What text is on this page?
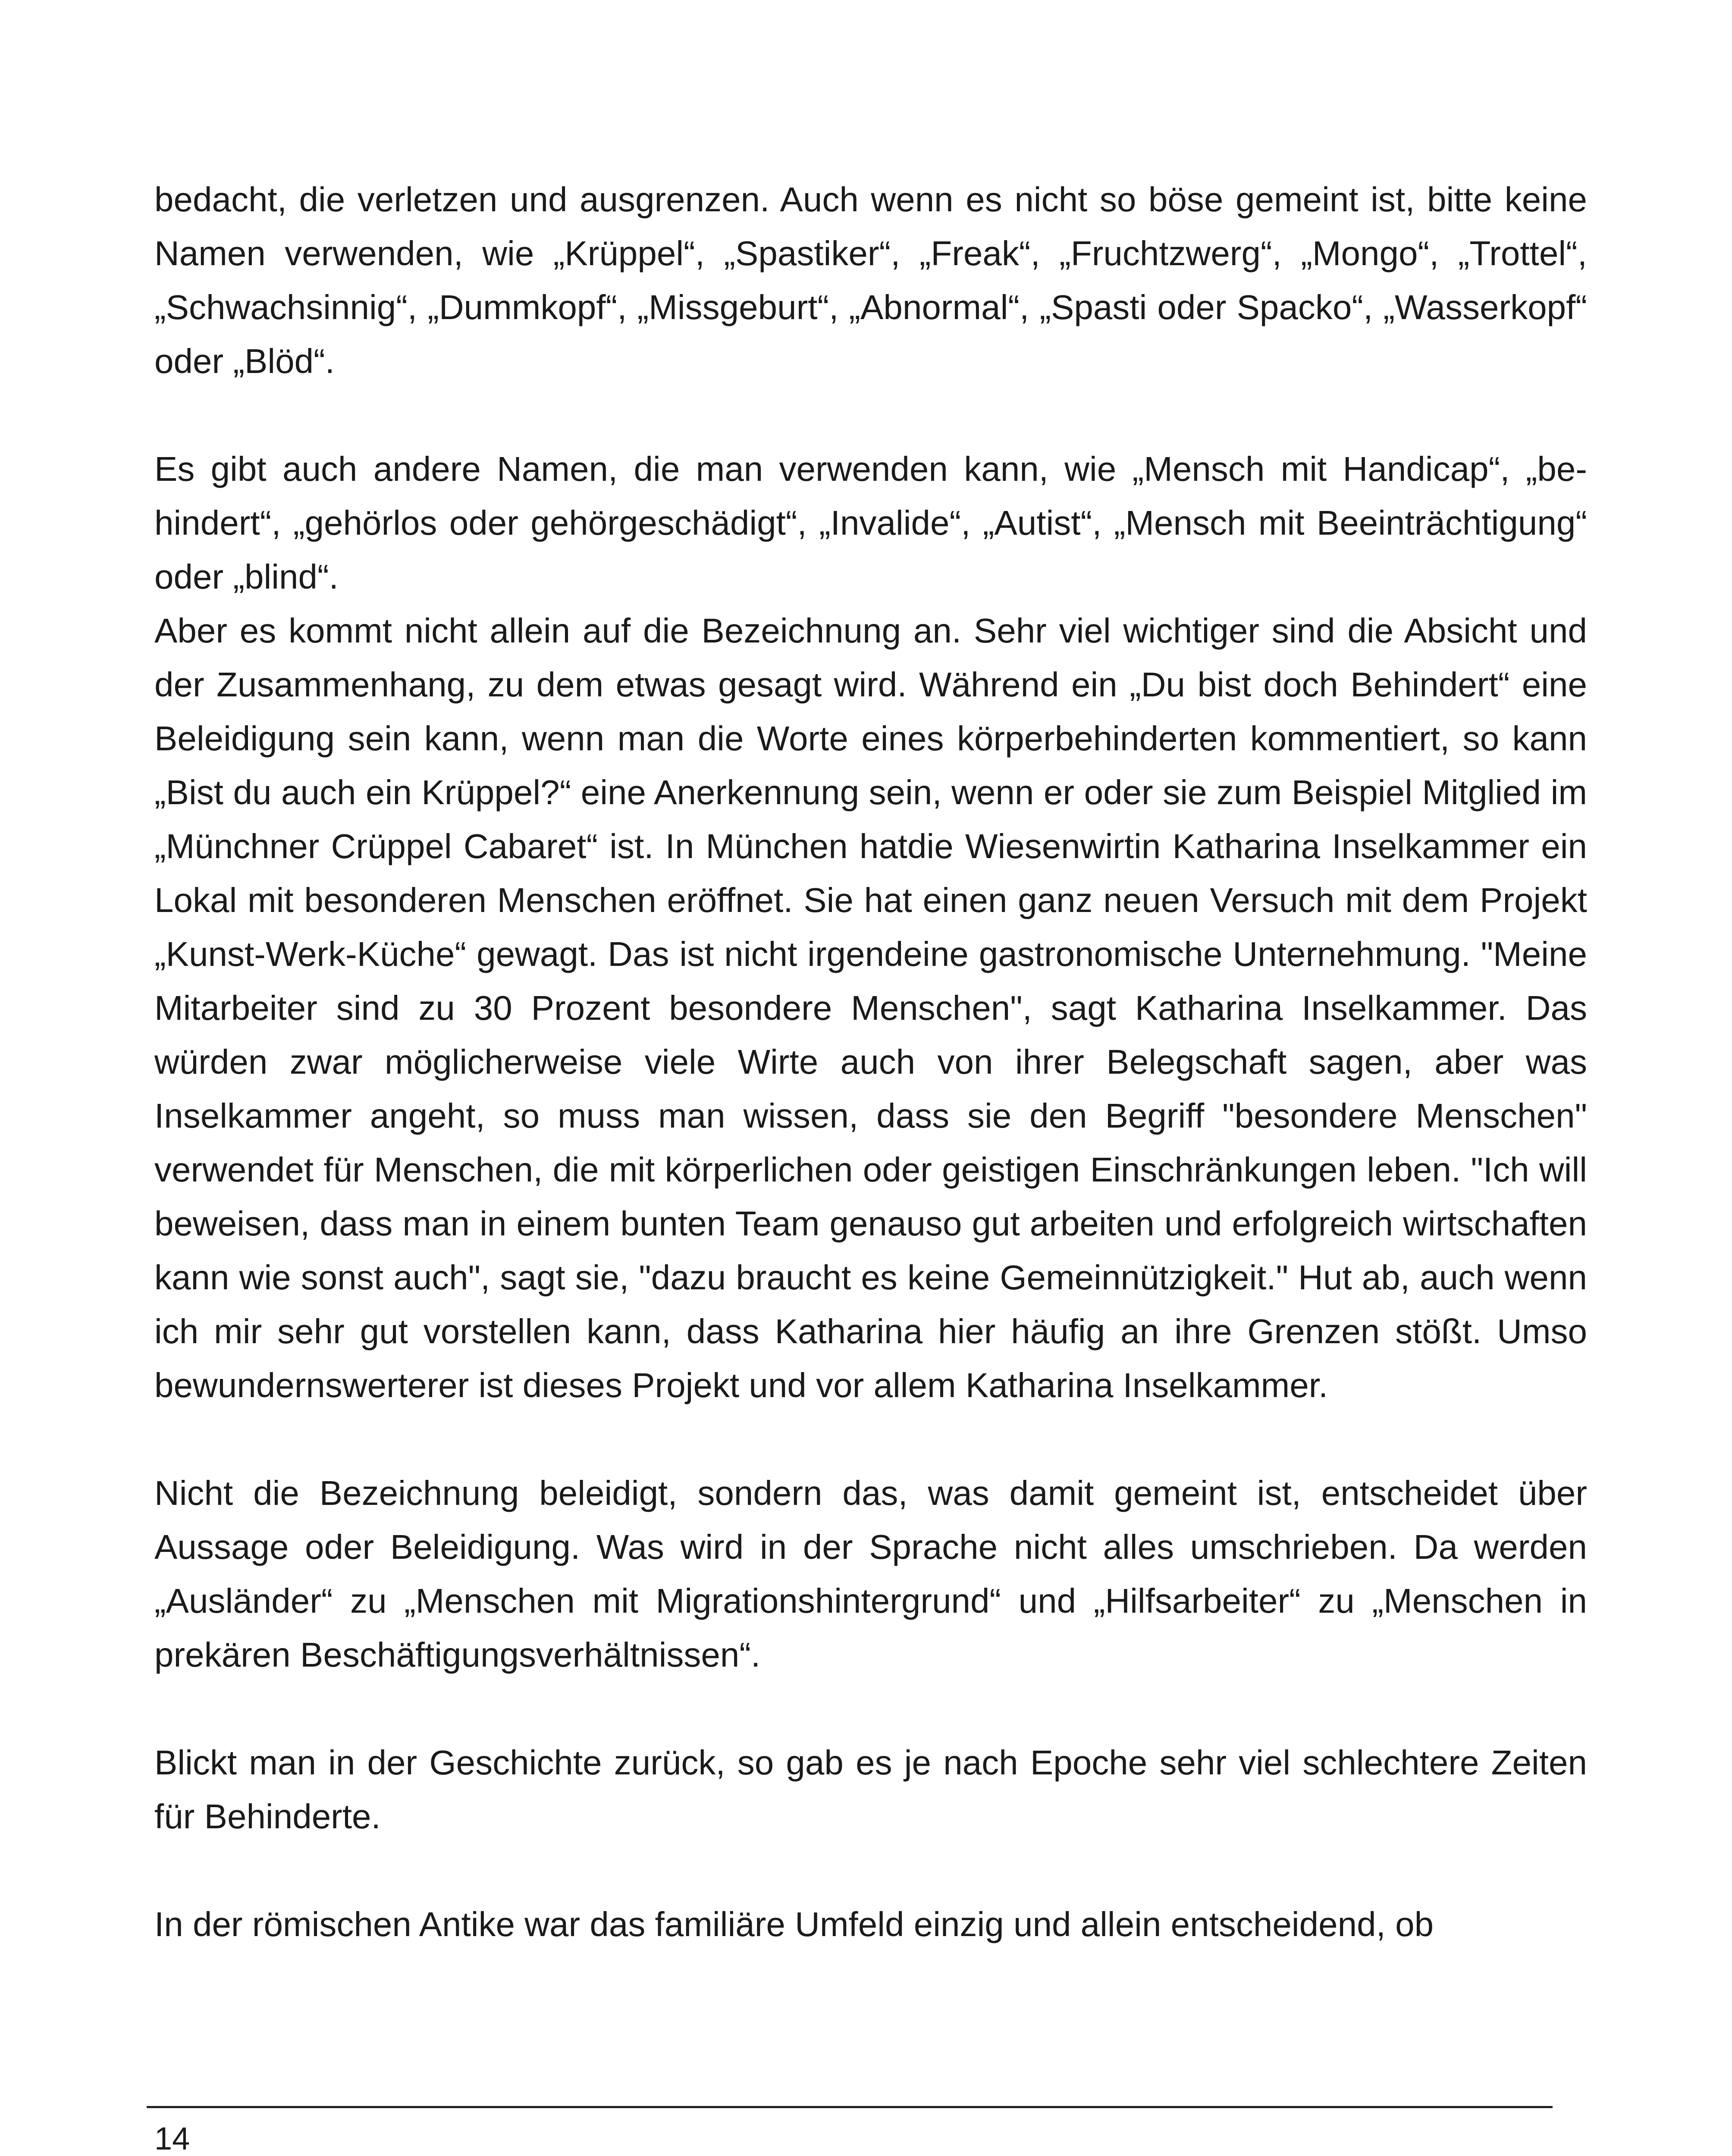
bedacht, die verletzen und ausgrenzen. Auch wenn es nicht so böse gemeint ist, bitte keine Namen verwenden, wie „Krüppel“, „Spastiker“, „Freak“, „Fruchtzwerg“, „Mongo“, „Trottel“, „Schwachsinnig“, „Dummkopf“, „Missgeburt“, „Abnormal“, „Spasti oder Spacko“, „Wasserkopf“ oder „Blöd“.

Es gibt auch andere Namen, die man verwenden kann, wie „Mensch mit Handicap“, „behindert“, „gehörlos oder gehörgeschädigt“, „Invalide“, „Autist“, „Mensch mit Beeinträchtigung“ oder „blind“.

Aber es kommt nicht allein auf die Bezeichnung an. Sehr viel wichtiger sind die Absicht und der Zusammenhang, zu dem etwas gesagt wird. Während ein „Du bist doch Behindert“ eine Beleidigung sein kann, wenn man die Worte eines körperbehinderten kommentiert, so kann „Bist du auch ein Krüppel?“ eine Anerkennung sein, wenn er oder sie zum Beispiel Mitglied im „Münchner Crüppel Cabaret“ ist. In München hatdie Wiesenwirtin Katharina Inselkammer ein Lokal mit besonderen Menschen eröffnet. Sie hat einen ganz neuen Versuch mit dem Projekt „Kunst-Werk-Küche“ gewagt. Das ist nicht irgendeine gastronomische Unternehmung. "Meine Mitarbeiter sind zu 30 Prozent besondere Menschen", sagt Katharina Inselkammer. Das würden zwar möglicherweise viele Wirte auch von ihrer Belegschaft sagen, aber was Inselkammer angeht, so muss man wissen, dass sie den Begriff "besondere Menschen" verwendet für Menschen, die mit körperlichen oder geistigen Einschränkungen leben. "Ich will beweisen, dass man in einem bunten Team genauso gut arbeiten und erfolgreich wirtschaften kann wie sonst auch", sagt sie, "dazu braucht es keine Gemeinnützigkeit." Hut ab, auch wenn ich mir sehr gut vorstellen kann, dass Katharina hier häufig an ihre Grenzen stößt. Umso bewundernswerterer ist dieses Projekt und vor allem Katharina Inselkammer.

Nicht die Bezeichnung beleidigt, sondern das, was damit gemeint ist, entscheidet über Aussage oder Beleidigung. Was wird in der Sprache nicht alles umschrieben. Da werden „Ausländer“ zu „Menschen mit Migrationshintergrund“ und „Hilfsarbeiter“ zu „Menschen in prekären Beschäftigungsverhältnissen“.

Blickt man in der Geschichte zurück, so gab es je nach Epoche sehr viel schlechtere Zeiten für Behinderte.

In der römischen Antike war das familiäre Umfeld einzig und allein entscheidend, ob

14
